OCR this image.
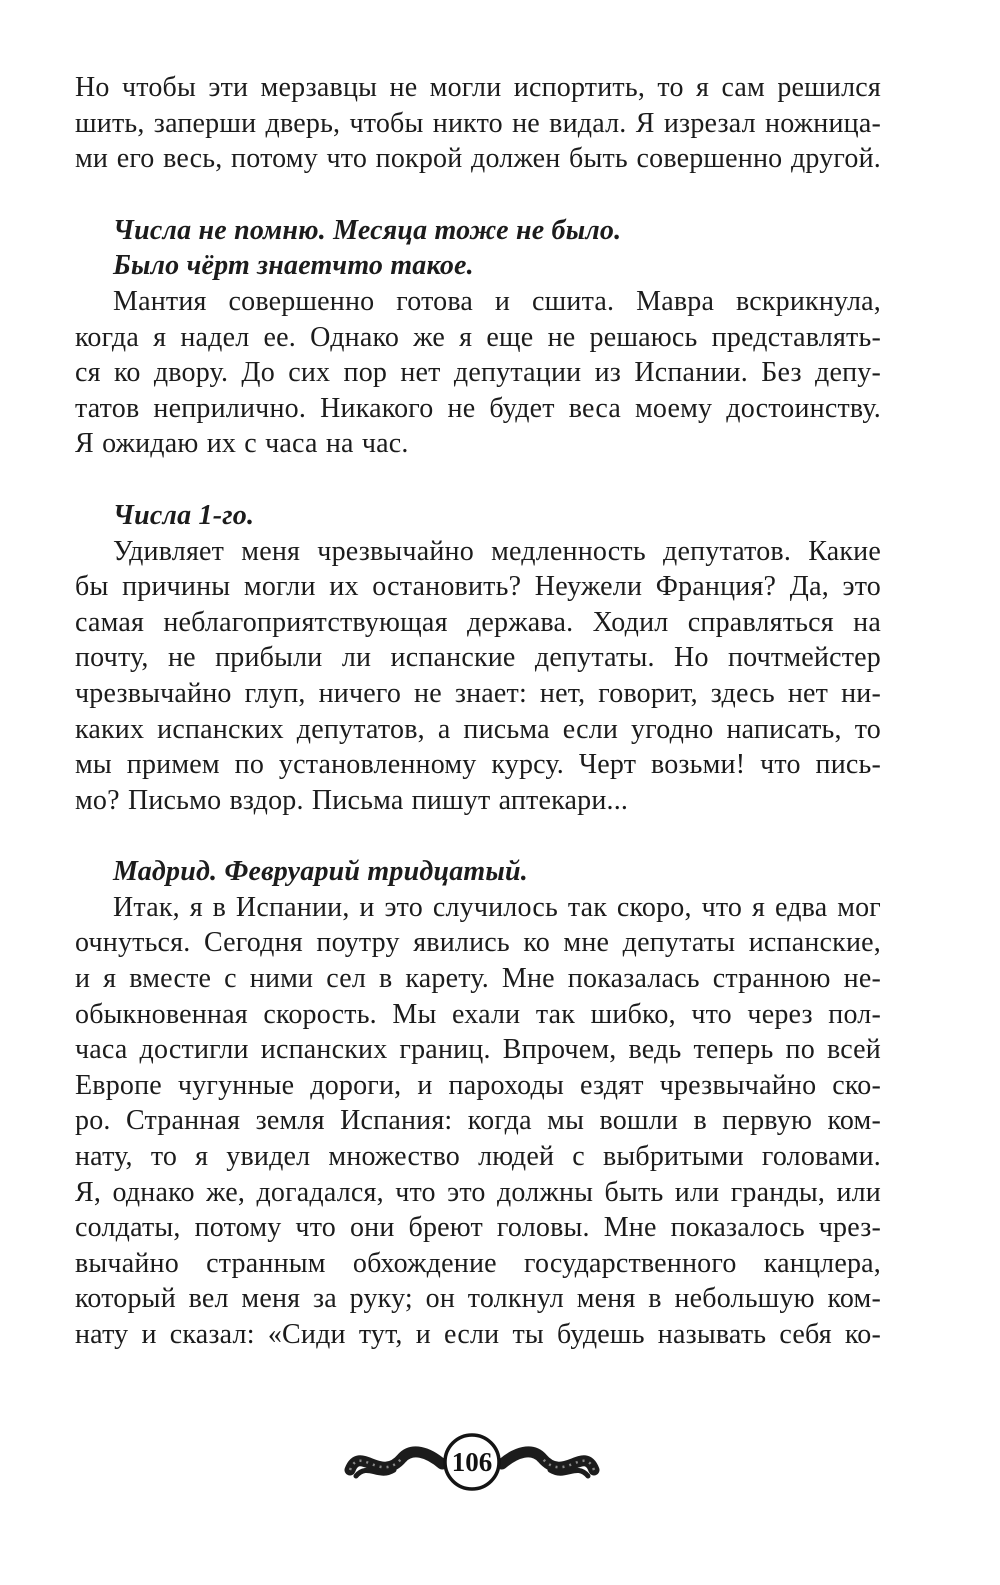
Но чтобы эти мерзавцы не могли испортить, то я сам решился
шить, заперши дверь, чтобы никто не видал. Я изрезал ножница-
ми его весь, потому что покрой должен быть совершенно другой.
Числа не помню. Месяца тоже не было.
Было чёрт знаетчто такое.
Мантия совершенно готова и сшита. Мавра вскрикнула,
когда я надел ее. Однако же я еще не решаюсь представлять-
ся ко двору. До сих пор нет депутации из Испании. Без депу-
татов неприлично. Никакого не будет веса моему достоинству.
Я ожидаю их с часа на час.
Числа 1-го.
Удивляет меня чрезвычайно медленность депутатов. Какие
бы причины могли их остановить? Неужели Франция? Да, это
самая неблагоприятствующая держава. Ходил справляться на
почту, не прибыли ли испанские депутаты. Но почтмейстер
чрезвычайно глуп, ничего не знает: нет, говорит, здесь нет ни-
каких испанских депутатов, а письма если угодно написать, то
мы примем по установленному курсу. Черт возьми! что пись-
мо? Письмо вздор. Письма пишут аптекари...
Мадрид. Февруарий тридцатый.
Итак, я в Испании, и это случилось так скоро, что я едва мог
очнуться. Сегодня поутру явились ко мне депутаты испанские,
и я вместе с ними сел в карету. Мне показалась странною не-
обыкновенная скорость. Мы ехали так шибко, что через пол-
часа достигли испанских границ. Впрочем, ведь теперь по всей
Европе чугунные дороги, и пароходы ездят чрезвычайно ско-
ро. Странная земля Испания: когда мы вошли в первую ком-
нату, то я увидел множество людей с выбритыми головами.
Я, однако же, догадался, что это должны быть или гранды, или
солдаты, потому что они бреют головы. Мне показалось чрез-
вычайно странным обхождение государственного канцлера,
который вел меня за руку; он толкнул меня в небольшую ком-
нату и сказал: «Сиди тут, и если ты будешь называть себя ко-
106
